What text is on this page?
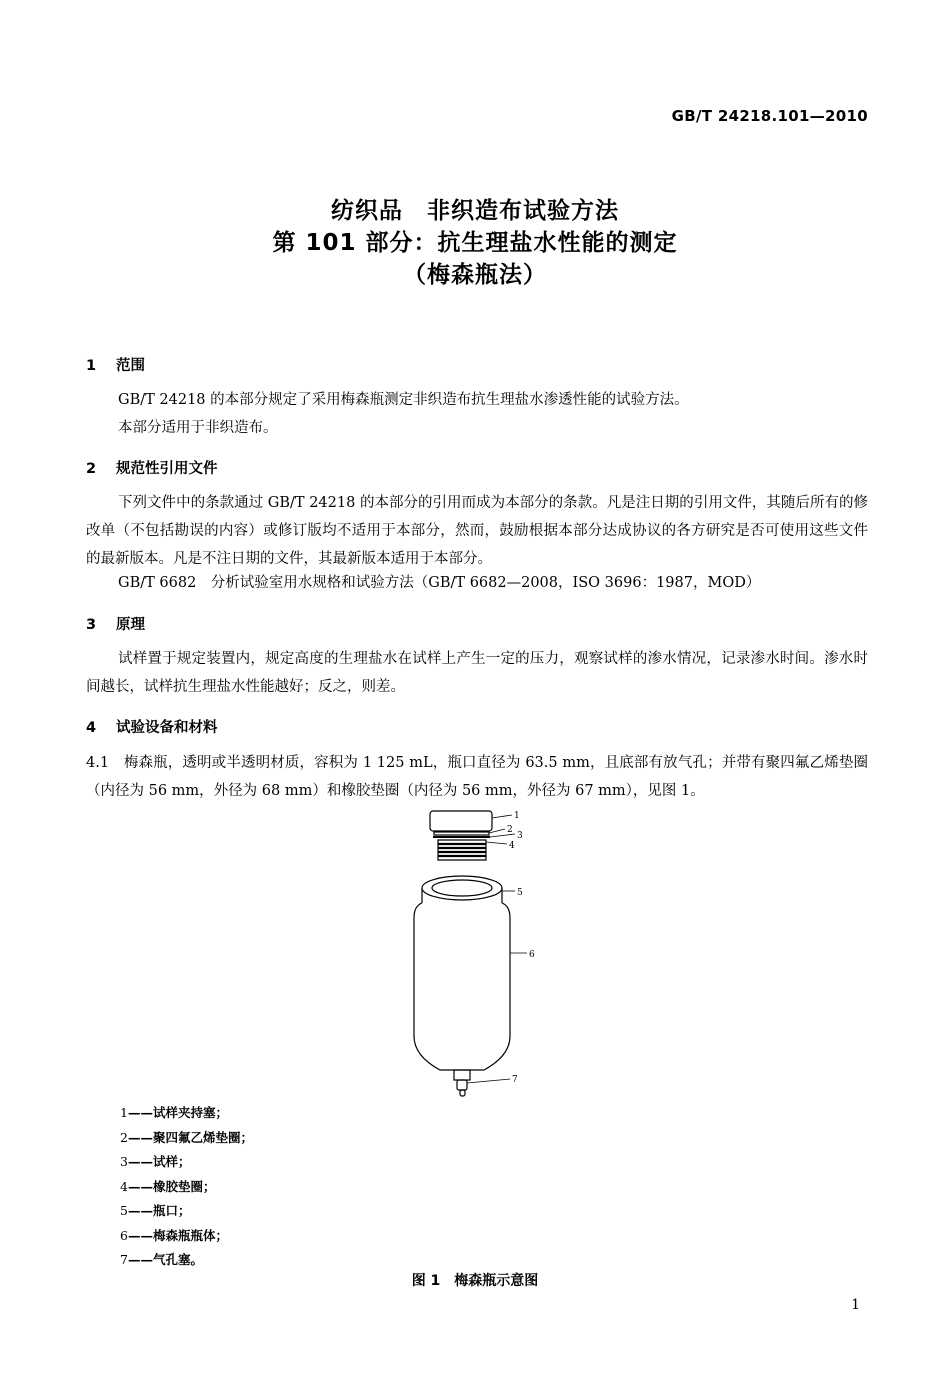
GB/T 24218.101—2010
纺织品　非织造布试验方法
第 101 部分：抗生理盐水性能的测定
（梅森瓶法）
1 范围
GB/T 24218 的本部分规定了采用梅森瓶测定非织造布抗生理盐水渗透性能的试验方法。
本部分适用于非织造布。
2 规范性引用文件
下列文件中的条款通过 GB/T 24218 的本部分的引用而成为本部分的条款。凡是注日期的引用文件，其随后所有的修改单（不包括勘误的内容）或修订版均不适用于本部分，然而，鼓励根据本部分达成协议的各方研究是否可使用这些文件的最新版本。凡是不注日期的文件，其最新版本适用于本部分。
GB/T 6682　分析试验室用水规格和试验方法（GB/T 6682—2008，ISO 3696：1987，MOD）
3 原理
试样置于规定装置内，规定高度的生理盐水在试样上产生一定的压力，观察试样的渗水情况，记录渗水时间。渗水时间越长，试样抗生理盐水性能越好；反之，则差。
4 试验设备和材料
4.1　梅森瓶，透明或半透明材质，容积为 1 125 mL，瓶口直径为 63.5 mm，且底部有放气孔；并带有聚四氟乙烯垫圈（内径为 56 mm，外径为 68 mm）和橡胶垫圈（内径为 56 mm，外径为 67 mm），见图 1。
1
2
3
4
5
6
7
1——试样夹持塞；
2——聚四氟乙烯垫圈；
3——试样；
4——橡胶垫圈；
5——瓶口；
6——梅森瓶瓶体；
7——气孔塞。
图 1　梅森瓶示意图
1
